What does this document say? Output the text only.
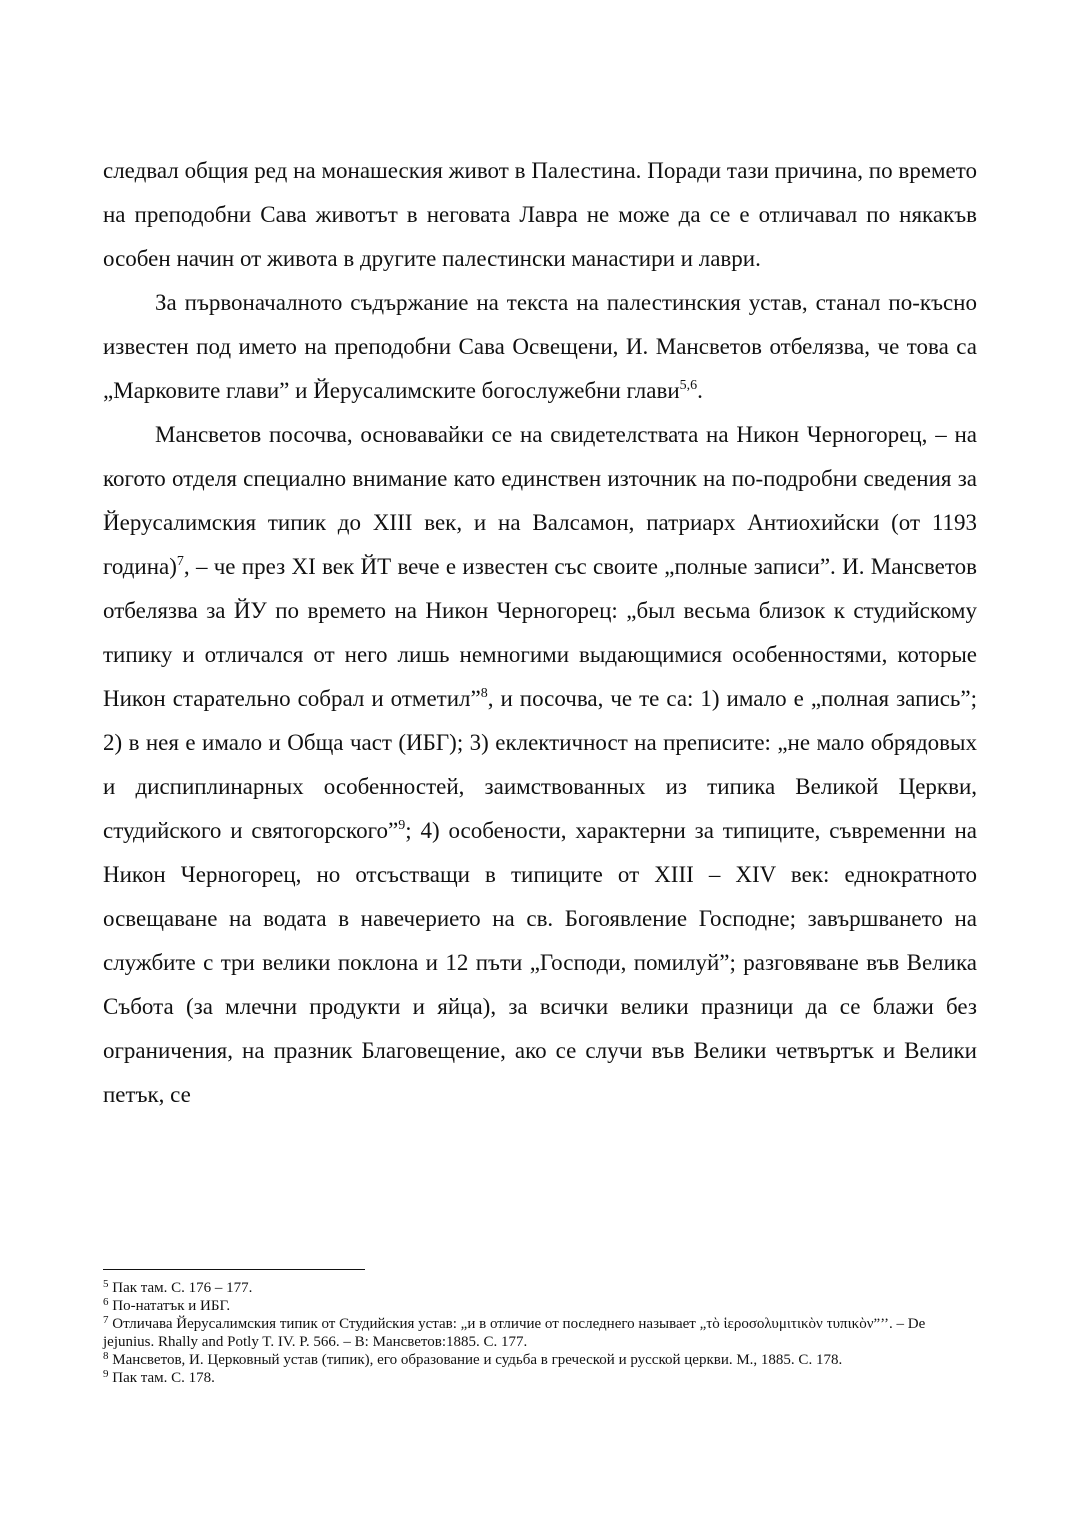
следвал общия ред на монашеския живот в Палестина. Поради тази причина, по времето на преподобни Сава животът в неговата Лавра не може да се е отличавал по някакъв особен начин от живота в другите палестински манастири и лаври.

За първоначалното съдържание на текста на палестинския устав, станал по-късно известен под името на преподобни Сава Освещени, И. Мансветов отбелязва, че това са „Марковите глави” и Йерусалимските богослужебни глави$^{5,6}$.

Мансветов посочва, основавайки се на свидетелствата на Никон Черногорец, – на когото отделя специално внимание като единствен източник на по-подробни сведения за Йерусалимския типик до XIII век, и на Валсамон, патриарх Антиохийски (от 1193 година)$^7$, – че през XI век ЙТ вече е известен със своите „полные записи”. И. Мансветов отбелязва за ЙУ по времето на Никон Черногорец: „был весьма близок к студийскому типику и отличался от него лишь немногими выдающимися особенностями, которые Никон старательно собрал и отметил”$^8$, и посочва, че те са: 1) имало е „полная запись”; 2) в нея е имало и Обща част (ИБГ); 3) еклектичност на преписите: „не мало обрядовых и диспиплинарных особенностей, заимствованных из типика Великой Церкви, студийского и святогорского”$^9$; 4) особености, характерни за типиците, съвременни на Никон Черногорец, но отсъстващи в типиците от XIII – XIV век: еднократното освещаване на водата в навечерието на св. Богоявление Господне; завършването на службите с три велики поклона и 12 пъти „Господи, помилуй”; разговяване във Велика Събота (за млечни продукти и яйца), за всички велики празници да се блажи без ограничения, на празник Благовещение, ако се случи във Велики четвъртък и Велики петък, се

$^5$ Пак там. С. 176 – 177.

$^6$ По-нататък и ИБГ.

$^7$ Отличава Йерусалимския типик от Студийския устав: „и в отличие от последнего называет „τὸ ἱεροσολυμιτικὸν τυπικὸν”’’. – De jejunius. Rhally and Potly T. IV. P. 566. – В: Мансветов:1885. С. 177.

$^8$ Мансветов, И. Церковный устав (типик), его образование и судьба в греческой и русской церкви. М., 1885. С. 178.

$^9$ Пак там. С. 178.
